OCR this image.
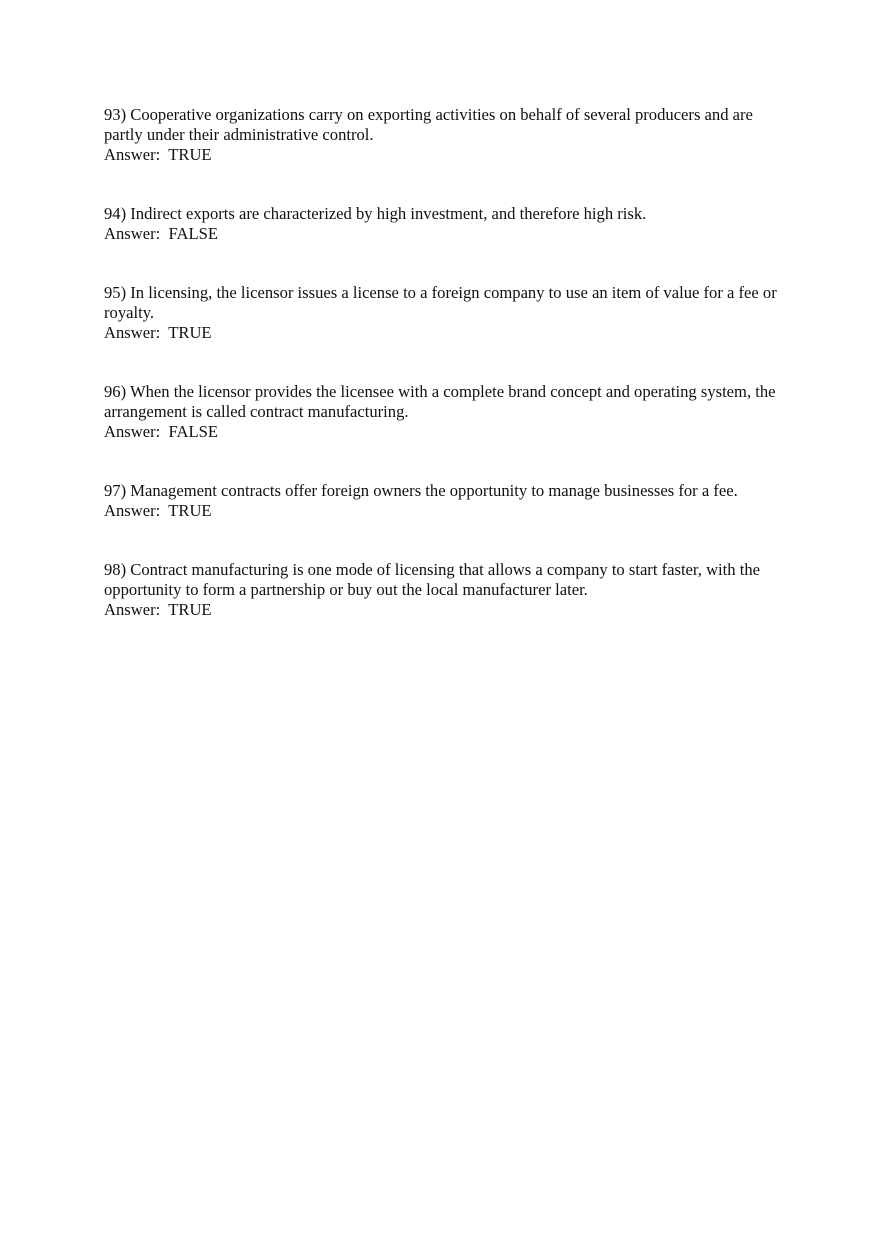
93) Cooperative organizations carry on exporting activities on behalf of several producers and are partly under their administrative control.

Answer: TRUE

94) Indirect exports are characterized by high investment, and therefore high risk.

Answer: FALSE

95) In licensing, the licensor issues a license to a foreign company to use an item of value for a fee or royalty.

Answer: TRUE

96) When the licensor provides the licensee with a complete brand concept and operating system, the arrangement is called contract manufacturing.

Answer: FALSE

97) Management contracts offer foreign owners the opportunity to manage businesses for a fee.

Answer: TRUE

98) Contract manufacturing is one mode of licensing that allows a company to start faster, with the opportunity to form a partnership or buy out the local manufacturer later.

Answer: TRUE
